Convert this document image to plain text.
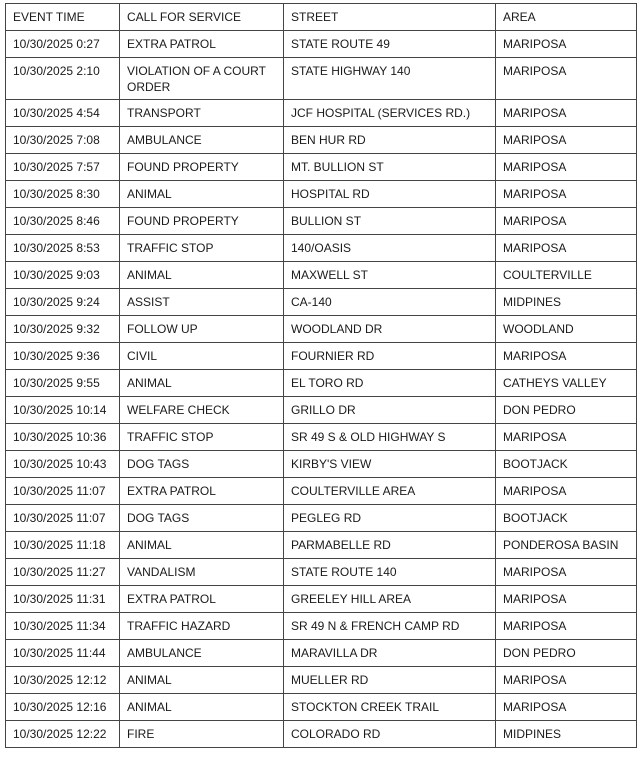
EVENT TIME	CALL FOR SERVICE	STREET	AREA
10/30/2025 0:27	EXTRA PATROL	STATE ROUTE 49	MARIPOSA
10/30/2025 2:10	VIOLATION OF A COURT ORDER	STATE HIGHWAY 140	MARIPOSA
10/30/2025 4:54	TRANSPORT	JCF HOSPITAL (SERVICES RD.)	MARIPOSA
10/30/2025 7:08	AMBULANCE	BEN HUR RD	MARIPOSA
10/30/2025 7:57	FOUND PROPERTY	MT. BULLION ST	MARIPOSA
10/30/2025 8:30	ANIMAL	HOSPITAL RD	MARIPOSA
10/30/2025 8:46	FOUND PROPERTY	BULLION ST	MARIPOSA
10/30/2025 8:53	TRAFFIC STOP	140/OASIS	MARIPOSA
10/30/2025 9:03	ANIMAL	MAXWELL ST	COULTERVILLE
10/30/2025 9:24	ASSIST	CA-140	MIDPINES
10/30/2025 9:32	FOLLOW UP	WOODLAND DR	WOODLAND
10/30/2025 9:36	CIVIL	FOURNIER RD	MARIPOSA
10/30/2025 9:55	ANIMAL	EL TORO RD	CATHEYS VALLEY
10/30/2025 10:14	WELFARE CHECK	GRILLO DR	DON PEDRO
10/30/2025 10:36	TRAFFIC STOP	SR 49 S & OLD HIGHWAY S	MARIPOSA
10/30/2025 10:43	DOG TAGS	KIRBY'S VIEW	BOOTJACK
10/30/2025 11:07	EXTRA PATROL	COULTERVILLE AREA	MARIPOSA
10/30/2025 11:07	DOG TAGS	PEGLEG RD	BOOTJACK
10/30/2025 11:18	ANIMAL	PARMABELLE RD	PONDEROSA BASIN
10/30/2025 11:27	VANDALISM	STATE ROUTE 140	MARIPOSA
10/30/2025 11:31	EXTRA PATROL	GREELEY HILL AREA	MARIPOSA
10/30/2025 11:34	TRAFFIC HAZARD	SR 49 N & FRENCH CAMP RD	MARIPOSA
10/30/2025 11:44	AMBULANCE	MARAVILLA DR	DON PEDRO
10/30/2025 12:12	ANIMAL	MUELLER RD	MARIPOSA
10/30/2025 12:16	ANIMAL	STOCKTON CREEK TRAIL	MARIPOSA
10/30/2025 12:22	FIRE	COLORADO RD	MIDPINES
